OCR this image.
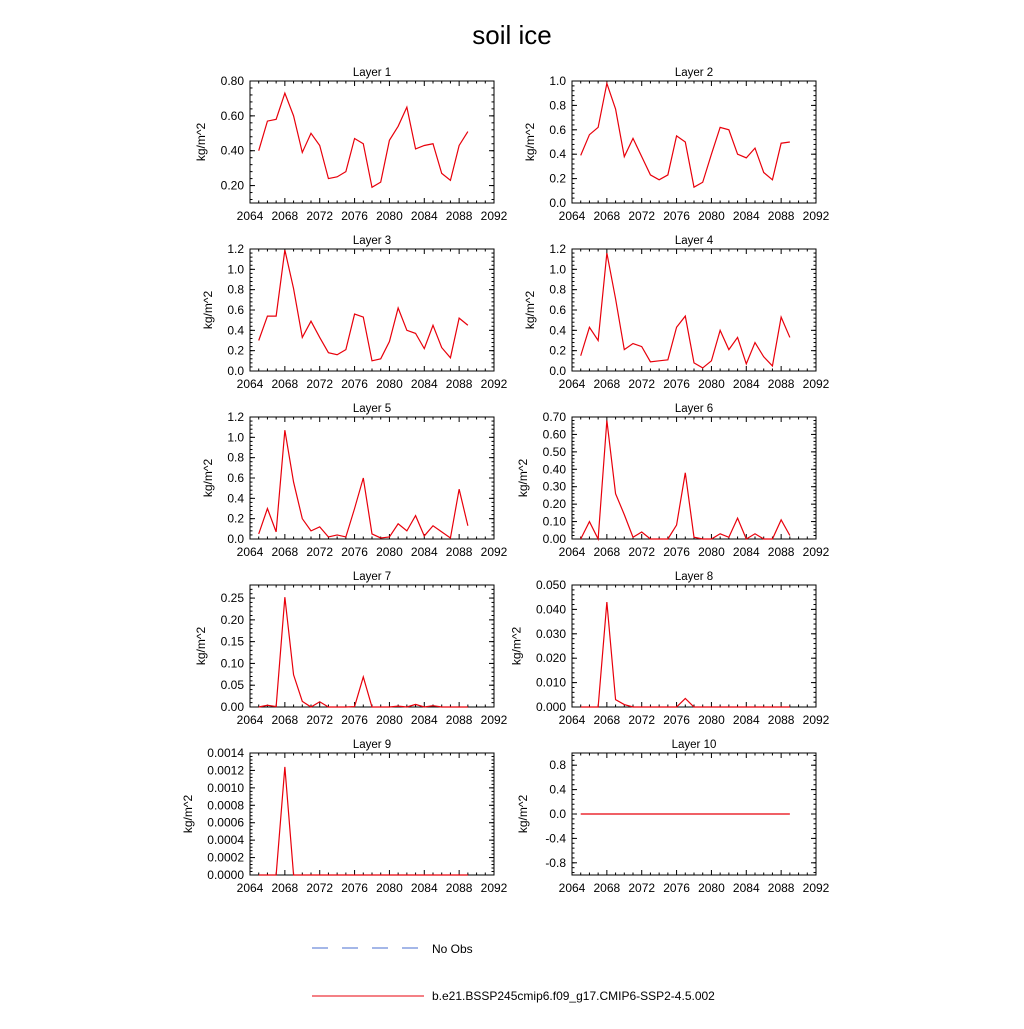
soil ice
Layer 1
2064 2068 2072 2076 2080 2084 2088 2092
0.20
0.40
0.60
0.80
kg/m^2
Layer 2
2064 2068 2072 2076 2080 2084 2088 2092
0.0
0.2
0.4
0.6
0.8
1.0
kg/m^2
Layer 3
2064 2068 2072 2076 2080 2084 2088 2092
0.0
0.2
0.4
0.6
0.8
1.0
1.2
kg/m^2
Layer 4
2064 2068 2072 2076 2080 2084 2088 2092
0.0
0.2
0.4
0.6
0.8
1.0
1.2
kg/m^2
Layer 5
2064 2068 2072 2076 2080 2084 2088 2092
0.0
0.2
0.4
0.6
0.8
1.0
1.2
kg/m^2
Layer 6
2064 2068 2072 2076 2080 2084 2088 2092
0.00
0.10
0.20
0.30
0.40
0.50
0.60
0.70
kg/m^2
Layer 7
2064 2068 2072 2076 2080 2084 2088 2092
0.00
0.05
0.10
0.15
0.20
0.25
kg/m^2
Layer 8
2064 2068 2072 2076 2080 2084 2088 2092
0.000
0.010
0.020
0.030
0.040
0.050
kg/m^2
Layer 9
2064 2068 2072 2076 2080 2084 2088 2092
0.0000
0.0002
0.0004
0.0006
0.0008
0.0010
0.0012
0.0014
kg/m^2
Layer 10
2064 2068 2072 2076 2080 2084 2088 2092
-0.8
-0.4
0.0
0.4
0.8
kg/m^2
No Obs
b.e21.BSSP245cmip6.f09_g17.CMIP6-SSP2-4.5.002
